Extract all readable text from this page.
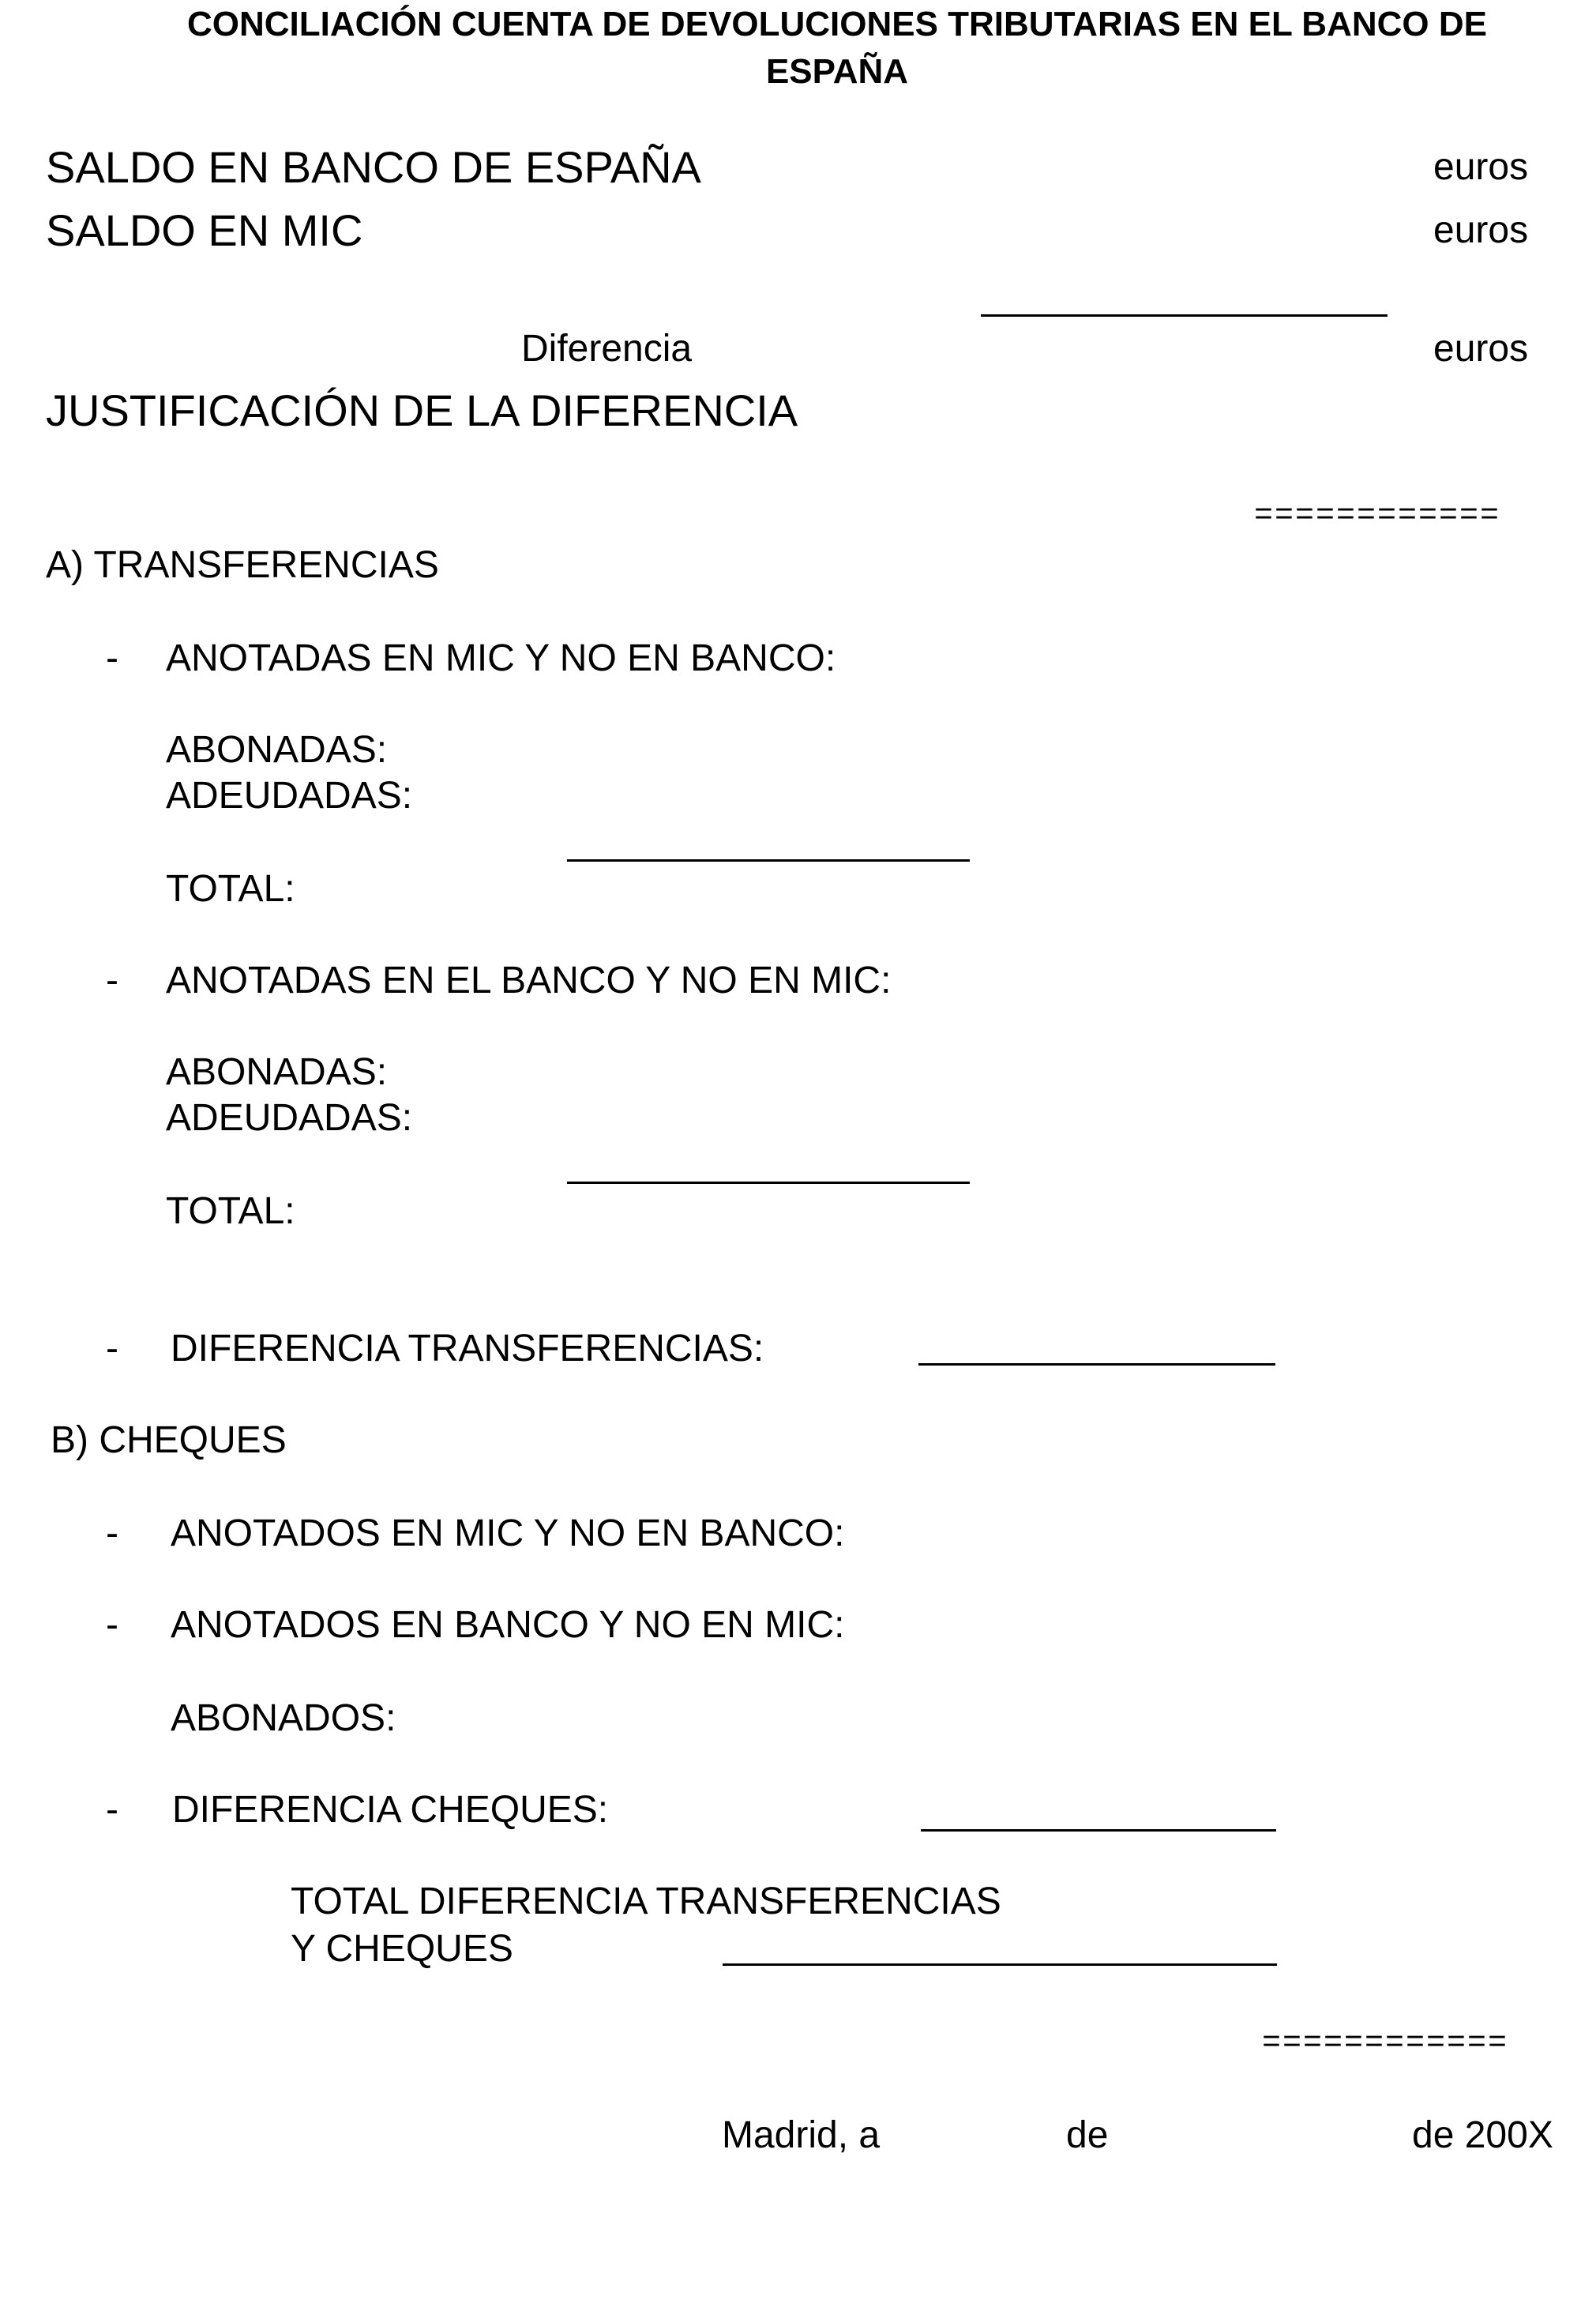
CONCILIACIÓN CUENTA DE DEVOLUCIONES TRIBUTARIAS EN EL BANCO DE
ESPAÑA
SALDO EN BANCO DE ESPAÑA	euros
SALDO EN MIC	euros
Diferencia	euros
JUSTIFICACIÓN DE LA DIFERENCIA
============
A) TRANSFERENCIAS
- ANOTADAS EN MIC Y NO EN BANCO:
ABONADAS:
ADEUDADAS:
TOTAL:
- ANOTADAS EN EL BANCO Y NO EN MIC:
ABONADAS:
ADEUDADAS:
TOTAL:
- DIFERENCIA TRANSFERENCIAS:
B) CHEQUES
- ANOTADOS EN MIC Y NO EN BANCO:
- ANOTADOS EN BANCO Y NO EN MIC:
ABONADOS:
- DIFERENCIA CHEQUES:
TOTAL DIFERENCIA TRANSFERENCIAS
Y CHEQUES
============
Madrid, a	de	de 200X
